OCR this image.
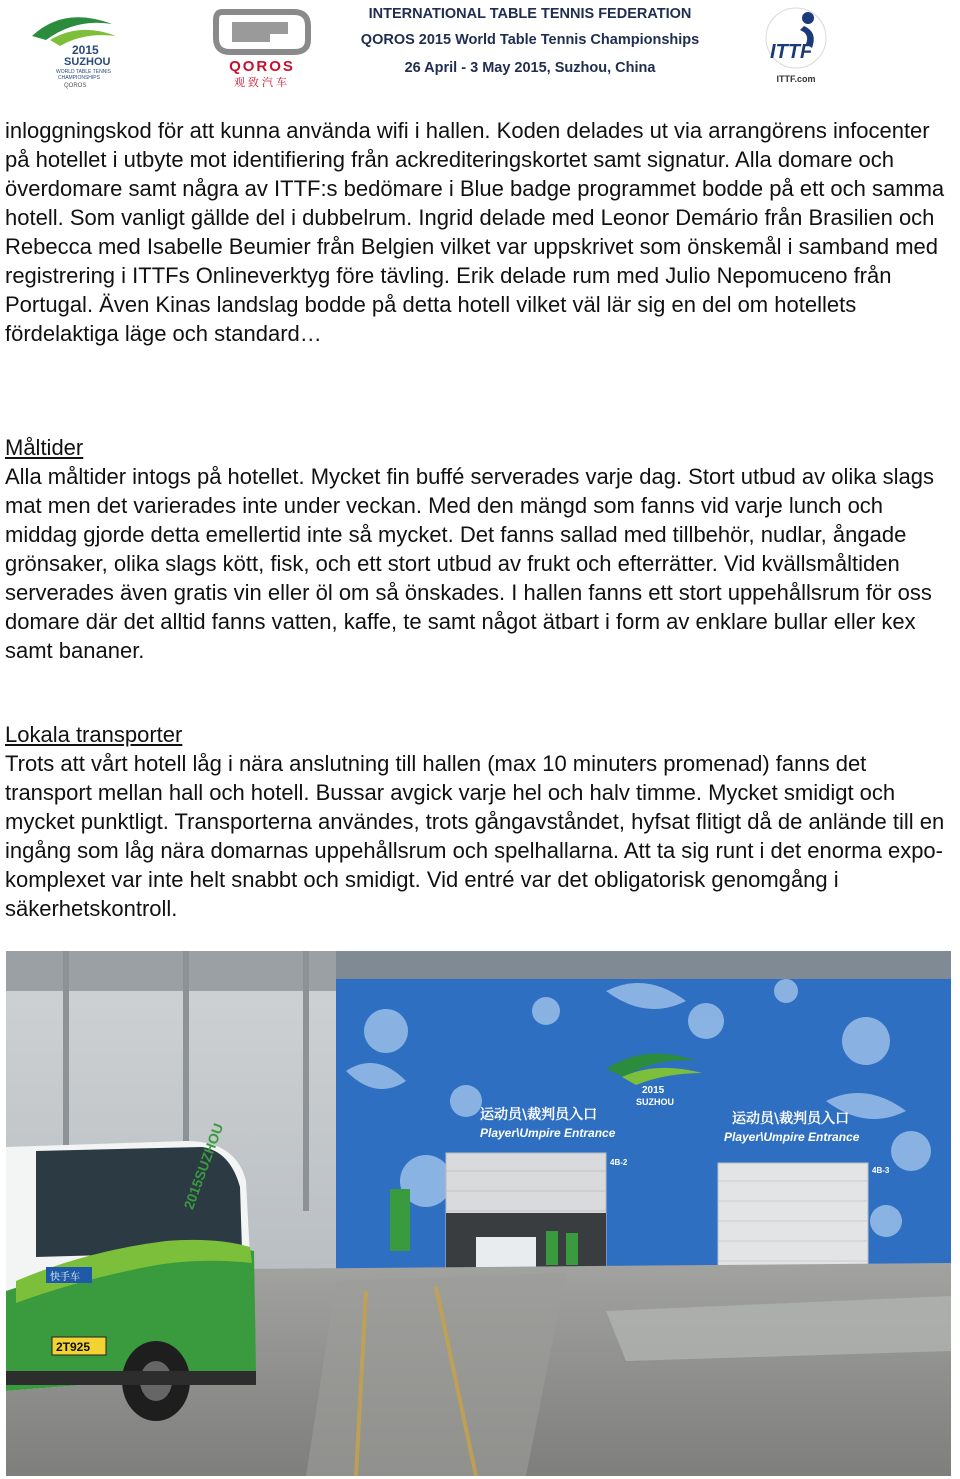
2015
SUZHOU
WORLD TABLE TENNIS
CHAMPIONSHIPS
QOROS
QOROS
观致汽车
INTERNATIONAL TABLE TENNIS FEDERATION
QOROS 2015 World Table Tennis Championships
26 April - 3 May 2015, Suzhou, China
ITTF
ITTF.com

inloggningskod för att kunna använda wifi i hallen. Koden delades ut via arrangörens infocenter på hotellet i utbyte mot identifiering från ackrediteringskortet samt signatur. Alla domare och överdomare samt några av ITTF:s bedömare i Blue badge programmet bodde på ett och samma hotell. Som vanligt gällde del i dubbelrum. Ingrid delade med Leonor Demário från Brasilien och Rebecca med Isabelle Beumier från Belgien vilket var uppskrivet som önskemål i samband med registrering i ITTFs Onlineverktyg före tävling. Erik delade rum med Julio Nepomuceno från Portugal. Även Kinas landslag bodde på detta hotell vilket väl lär sig en del om hotellets fördelaktiga läge och standard…

Måltider

Alla måltider intogs på hotellet. Mycket fin buffé serverades varje dag. Stort utbud av olika slags mat men det varierades inte under veckan. Med den mängd som fanns vid varje lunch och middag gjorde detta emellertid inte så mycket. Det fanns sallad med tillbehör, nudlar, ångade grönsaker, olika slags kött, fisk, och ett stort utbud av frukt och efterrätter. Vid kvällsmåltiden serverades även gratis vin eller öl om så önskades. I hallen fanns ett stort uppehållsrum för oss domare där det alltid fanns vatten, kaffe, te samt något ätbart i form av enklare bullar eller kex samt bananer.

Lokala transporter

Trots att vårt hotell låg i nära anslutning till hallen (max 10 minuters promenad) fanns det transport mellan hall och hotell. Bussar avgick varje hel och halv timme. Mycket smidigt och mycket punktligt. Transporterna användes, trots gångavståndet, hyfsat flitigt då de anlände till en ingång som låg nära domarnas uppehållsrum och spelhallarna. Att ta sig runt i det enorma expo-komplexet var inte helt snabbt och smidigt. Vid entré var det obligatorisk genomgång i säkerhetskontroll.

2015
SUZHOU
运动员\裁判员入口
Player\Umpire Entrance
运动员\裁判员入口
Player\Umpire Entrance
4B-2
4B-3
2015SUZHOU
快手车
2T925
